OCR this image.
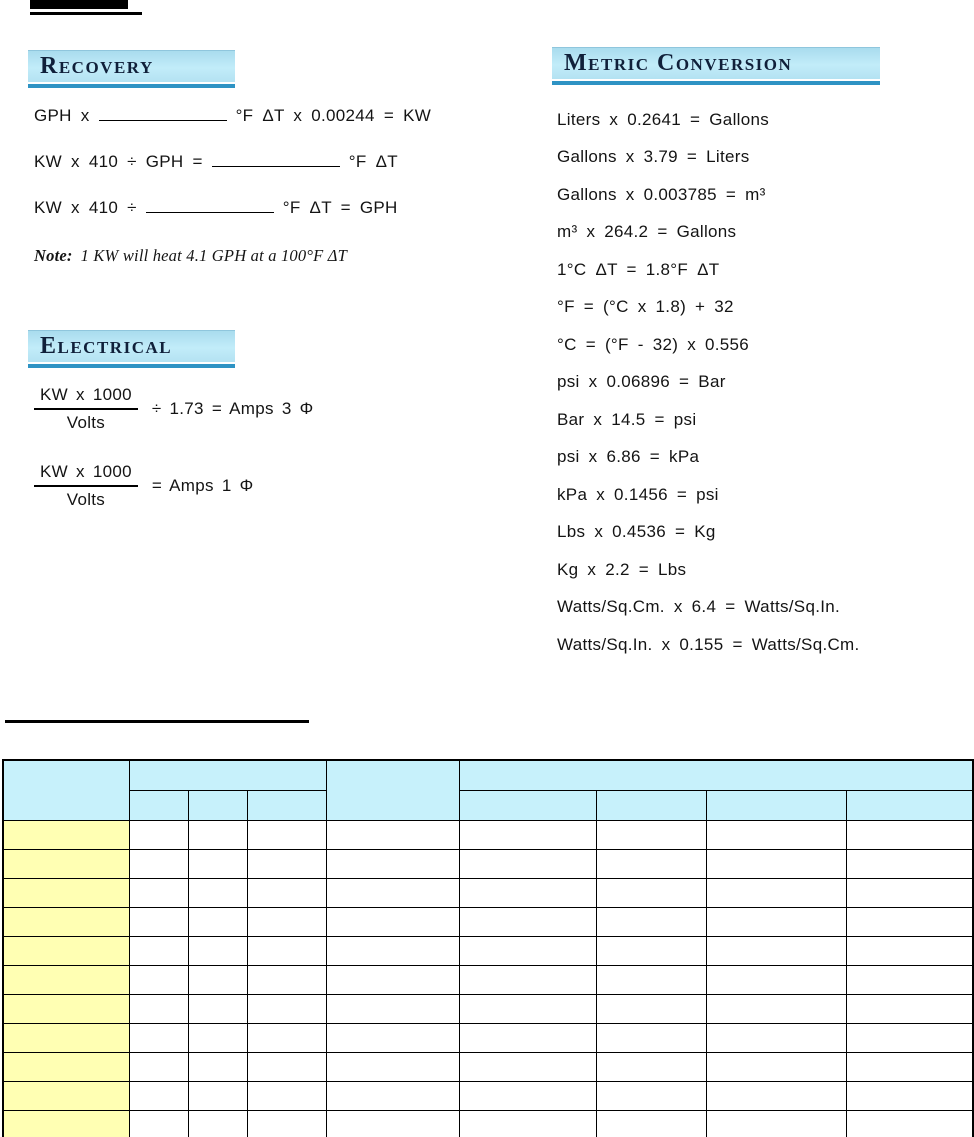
Recovery
GPH x	°F ΔT x 0.00244 = KW
KW x 410 ÷ GPH =	°F ΔT
KW x 410 ÷	°F ΔT = GPH
Note: 1 KW will heat 4.1 GPH at a 100°F ΔT
Electrical
$\frac{\text{KW x 1000}}{\text{Volts}} \div 1.73$ = Amps 3 Φ
$\frac{\text{KW x 1000}}{\text{Volts}}$ = Amps 1 Φ
Metric Conversion
Liters x 0.2641 = Gallons
Gallons x 3.79 = Liters
Gallons x 0.003785 = m³
m³ x 264.2 = Gallons
1°C ΔT = 1.8°F ΔT
°F = (°C x 1.8) + 32
°C = (°F - 32) x 0.556
psi x 0.06896 = Bar
Bar x 14.5 = psi
psi x 6.86 = kPa
kPa x 0.1456 = psi
Lbs x 0.4536 = Kg
Kg x 2.2 = Lbs
Watts/Sq.Cm. x 6.4 = Watts/Sq.In.
Watts/Sq.In. x 0.155 = Watts/Sq.Cm.
